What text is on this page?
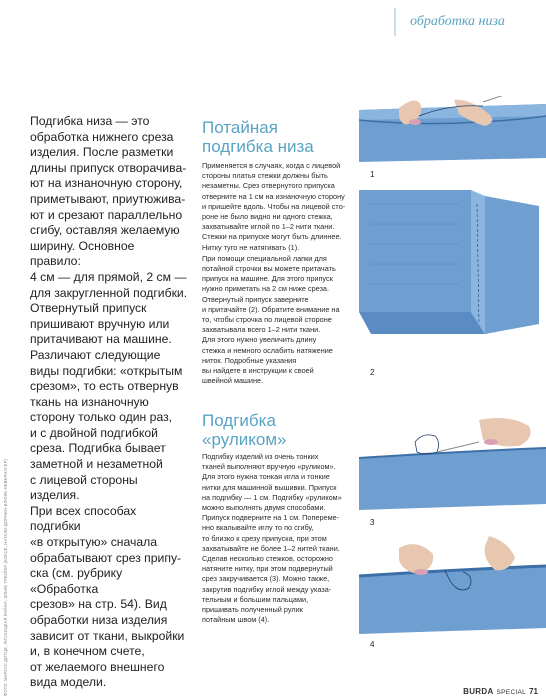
обработка низа
ФОТО: МАРКУС ДИТЦЕ, ЛИСНИЦКАЯ РАЙНИ; ЭЛЬКЕ ТРЮЙЕР (БОКСЕ, НАТАЛИ-ДОРНЕН-БЛЮКЕ-НЕВЕРНАГЕР)

Подгибка низа — это
обработка нижнего среза
изделия. После разметки
длины припуск отворачива-
ют на изнаночную сторону,
приметывают, приутюжива-
ют и срезают параллельно
сгибу, оставляя желаемую
ширину. Основное правило:
4 см — для прямой, 2 см —
для закругленной подгибки.
Отвернутый припуск
пришивают вручную или
притачивают на машине.
Различают следующие
виды подгибки: «открытым
срезом», то есть отвернув
ткань на изнаночную
сторону только один раз,
и с двойной подгибкой
среза. Подгибка бывает
заметной и незаметной
с лицевой стороны изделия.
При всех способах подгибки
«в открытую» сначала
обрабатывают срез припу-
ска (см. рубрику «Обработка
срезов» на стр. 54). Вид
обработки низа изделия
зависит от ткани, выкройки
и, в конечном счете,
от желаемого внешнего
вида модели.

Потайная
подгибка низа

Применяется в случаях, когда с лицевой
стороны платья стежки должны быть
незаметны. Срез отвернутого припуска
отверните на 1 см на изнаночную сторону
и пришейте вдоль. Чтобы на лицевой сто-
роне не было видно ни одного стежка,
захватывайте иглой по 1–2 нити ткани.
Стежки на припуске могут быть длиннее.
Нитку туго не натягивать (1).

При помощи специальной лапки для
потайной строчки вы можете притачать
припуск на машине. Для этого припуск
нужно приметать на 2 см ниже среза.
Отвернутый припуск заверните
и притачайте (2). Обратите внимание на
то, чтобы строчка по лицевой стороне
захватывала всего 1–2 нити ткани.
Для этого нужно увеличить длину
стежка и немного ослабить натяжение
ниток. Подробные указания
вы найдете в инструкции к своей
швейной машине.

Подгибка
«руликом»

Подгибку изделий из очень тонких
тканей выполняют вручную «руликом».
Для этого нужна тонкая игла и тонкие
нитки для машинной вышивки. Припуск
на подгибку — 1 см. Подгибку «руликом»
можно выполнять двумя способами.
Припуск подверните на 1 см. Попереме-
нно вкалывайте иглу то по сгибу,
то близко к срезу припуска, при этом
захватывайте не более 1–2 нитей ткани.
Сделав несколько стежков, осторожно
натяните нитку, при этом подвернутый
срез закручивается (3). Можно также,
закрутив подгибку иглой между указа-
тельным и большим пальцами,
пришивать полученный рулик
потайным швом (4).

1
2
3
4
BURDA SPECIAL 71
